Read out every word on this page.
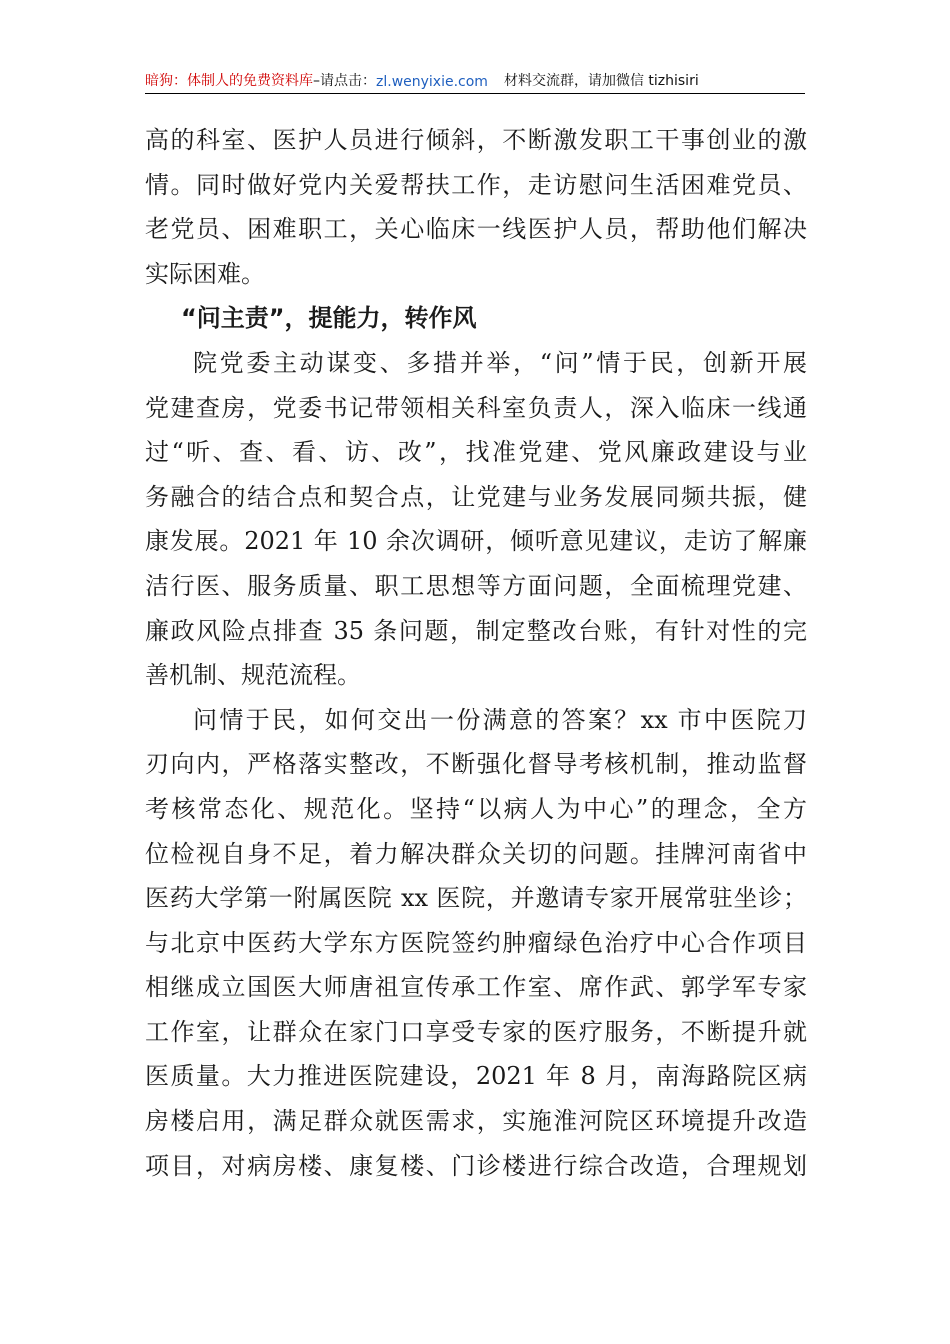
暗狗：体制人的免费资料库 –请点击： zl.wenyixie.com 材料交流群，请加微信 tizhisiri
高的科室、医护人员进行倾斜，不断激发职工干事创业的激
情。同时做好党内关爱帮扶工作，走访慰问生活困难党员、
老党员、困难职工，关心临床一线医护人员，帮助他们解决
实际困难。
“问主责”，提能力，转作风
院党委主动谋变、多措并举，“问”情于民，创新开展
党建查房，党委书记带领相关科室负责人，深入临床一线通
过“听、查、看、访、改”，找准党建、党风廉政建设与业
务融合的结合点和契合点，让党建与业务发展同频共振，健
康发展。2021 年 10 余次调研，倾听意见建议，走访了解廉
洁行医、服务质量、职工思想等方面问题，全面梳理党建、
廉政风险点排查 35 条问题，制定整改台账，有针对性的完
善机制、规范流程。
问情于民，如何交出一份满意的答案？xx 市中医院刀
刃向内，严格落实整改，不断强化督导考核机制，推动监督
考核常态化、规范化。坚持“以病人为中心”的理念，全方
位检视自身不足，着力解决群众关切的问题。挂牌河南省中
医药大学第一附属医院 xx 医院，并邀请专家开展常驻坐诊；
与北京中医药大学东方医院签约肿瘤绿色治疗中心合作项目
相继成立国医大师唐祖宣传承工作室、席作武、郭学军专家
工作室，让群众在家门口享受专家的医疗服务，不断提升就
医质量。大力推进医院建设，2021 年 8 月，南海路院区病
房楼启用，满足群众就医需求，实施淮河院区环境提升改造
项目，对病房楼、康复楼、门诊楼进行综合改造，合理规划
